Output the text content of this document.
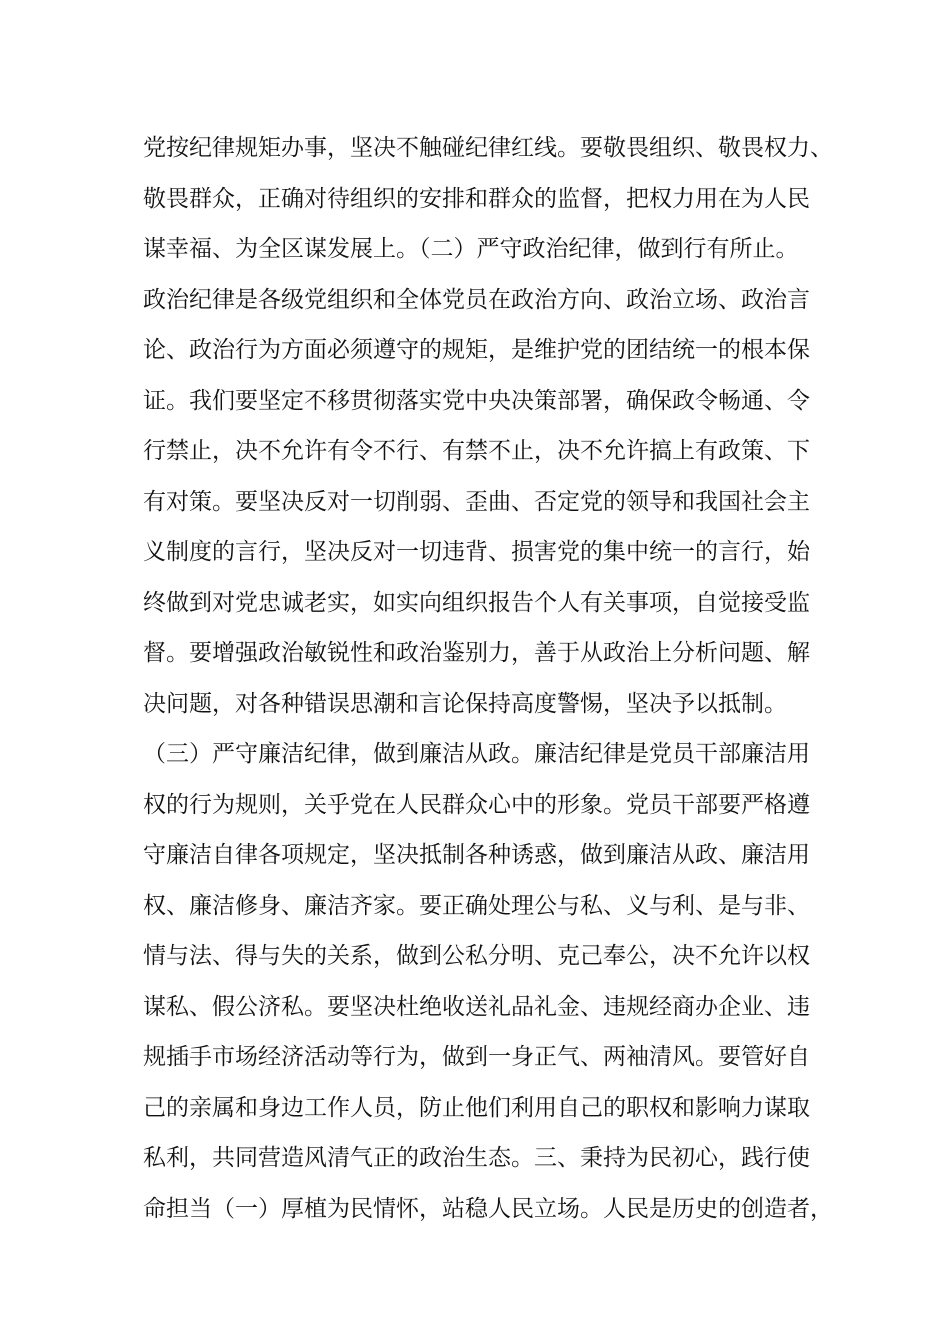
党按纪律规矩办事，坚决不触碰纪律红线。要敬畏组织、敬畏权力、
敬畏群众，正确对待组织的安排和群众的监督，把权力用在为人民
谋幸福、为全区谋发展上。（二）严守政治纪律，做到行有所止。
政治纪律是各级党组织和全体党员在政治方向、政治立场、政治言
论、政治行为方面必须遵守的规矩，是维护党的团结统一的根本保
证。我们要坚定不移贯彻落实党中央决策部署，确保政令畅通、令
行禁止，决不允许有令不行、有禁不止，决不允许搞上有政策、下
有对策。要坚决反对一切削弱、歪曲、否定党的领导和我国社会主
义制度的言行，坚决反对一切违背、损害党的集中统一的言行，始
终做到对党忠诚老实，如实向组织报告个人有关事项，自觉接受监
督。要增强政治敏锐性和政治鉴别力，善于从政治上分析问题、解
决问题，对各种错误思潮和言论保持高度警惕，坚决予以抵制。
（三）严守廉洁纪律，做到廉洁从政。廉洁纪律是党员干部廉洁用
权的行为规则，关乎党在人民群众心中的形象。党员干部要严格遵
守廉洁自律各项规定，坚决抵制各种诱惑，做到廉洁从政、廉洁用
权、廉洁修身、廉洁齐家。要正确处理公与私、义与利、是与非、
情与法、得与失的关系，做到公私分明、克己奉公，决不允许以权
谋私、假公济私。要坚决杜绝收送礼品礼金、违规经商办企业、违
规插手市场经济活动等行为，做到一身正气、两袖清风。要管好自
己的亲属和身边工作人员，防止他们利用自己的职权和影响力谋取
私利，共同营造风清气正的政治生态。三、秉持为民初心，践行使
命担当（一）厚植为民情怀，站稳人民立场。人民是历史的创造者，
